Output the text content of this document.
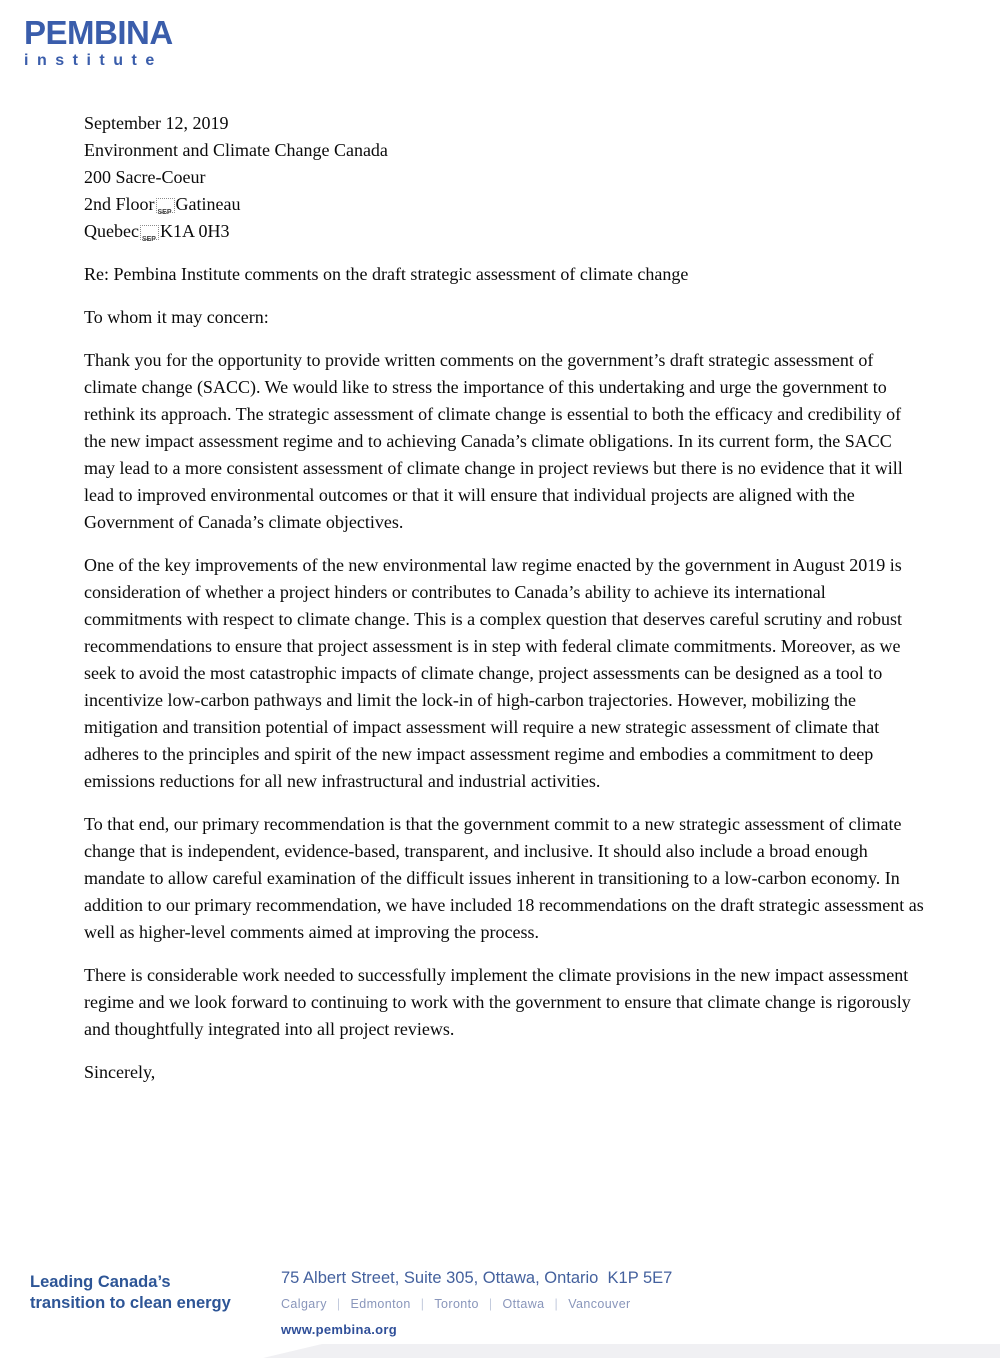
PEMBINA
institute
September 12, 2019
Environment and Climate Change Canada
200 Sacre-Coeur
2nd Floor SEP Gatineau
Quebec SEP K1A 0H3
Re: Pembina Institute comments on the draft strategic assessment of climate change
To whom it may concern:

Thank you for the opportunity to provide written comments on the government’s draft strategic assessment of climate change (SACC). We would like to stress the importance of this undertaking and urge the government to rethink its approach. The strategic assessment of climate change is essential to both the efficacy and credibility of the new impact assessment regime and to achieving Canada’s climate obligations. In its current form, the SACC may lead to a more consistent assessment of climate change in project reviews but there is no evidence that it will lead to improved environmental outcomes or that it will ensure that individual projects are aligned with the Government of Canada’s climate objectives.

One of the key improvements of the new environmental law regime enacted by the government in August 2019 is consideration of whether a project hinders or contributes to Canada’s ability to achieve its international commitments with respect to climate change. This is a complex question that deserves careful scrutiny and robust recommendations to ensure that project assessment is in step with federal climate commitments. Moreover, as we seek to avoid the most catastrophic impacts of climate change, project assessments can be designed as a tool to incentivize low-carbon pathways and limit the lock-in of high-carbon trajectories. However, mobilizing the mitigation and transition potential of impact assessment will require a new strategic assessment of climate that adheres to the principles and spirit of the new impact assessment regime and embodies a commitment to deep emissions reductions for all new infrastructural and industrial activities.

To that end, our primary recommendation is that the government commit to a new strategic assessment of climate change that is independent, evidence-based, transparent, and inclusive. It should also include a broad enough mandate to allow careful examination of the difficult issues inherent in transitioning to a low-carbon economy. In addition to our primary recommendation, we have included 18 recommendations on the draft strategic assessment as well as higher-level comments aimed at improving the process.

There is considerable work needed to successfully implement the climate provisions in the new impact assessment regime and we look forward to continuing to work with the government to ensure that climate change is rigorously and thoughtfully integrated into all project reviews.

Sincerely,
Leading Canada’s
transition to clean energy
75 Albert Street, Suite 305, Ottawa, Ontario  K1P 5E7
Calgary | Edmonton | Toronto | Ottawa | Vancouver
www.pembina.org
